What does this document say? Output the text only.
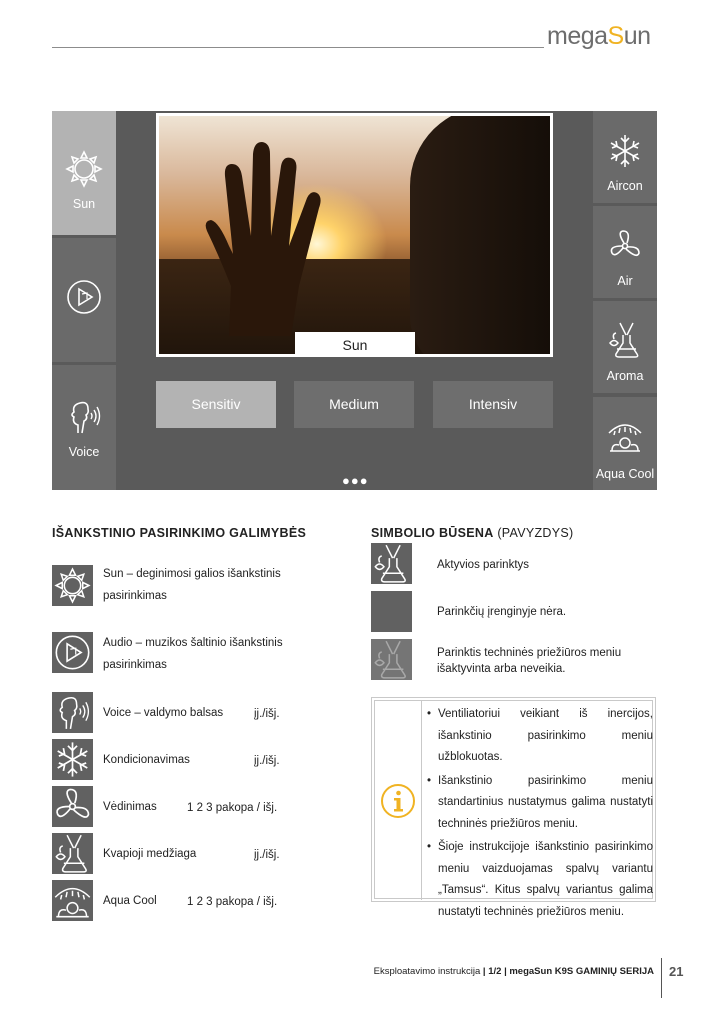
megaSun
Sun
Voice
Sun
Sensitiv	Medium	Intensiv
●●●
Aircon
Air
Aroma
Aqua Cool
IŠANKSTINIO PASIRINKIMO GALIMYBĖS
Sun – deginimosi galios išankstinis
pasirinkimas
Audio – muzikos šaltinio išankstinis
pasirinkimas
Voice – valdymo balsas	įj./išj.
Kondicionavimas	įj./išj.
Vėdinimas	1 2 3 pakopa / išj.
Kvapioji medžiaga	įj./išj.
Aqua Cool	1 2 3 pakopa / išj.
SIMBOLIO BŪSENA (PAVYZDYS)
Aktyvios parinktys
Parinkčių įrenginyje nėra.
Parinktis techninės priežiūros meniu išaktyvinta arba neveikia.
• Ventiliatoriui veikiant iš inercijos, išankstinio pasirinkimo meniu užblokuotas.
• Išankstinio pasirinkimo meniu standartinius nustatymus galima nustatyti techninės priežiūros meniu.
• Šioje instrukcijoje išankstinio pasirinkimo meniu vaizduojamas spalvų variantu „Tamsus“. Kitus spalvų variantus galima nustatyti techninės priežiūros meniu.
Eksploatavimo instrukcija | 1/2 | megaSun K9S GAMINIŲ SERIJA 21
